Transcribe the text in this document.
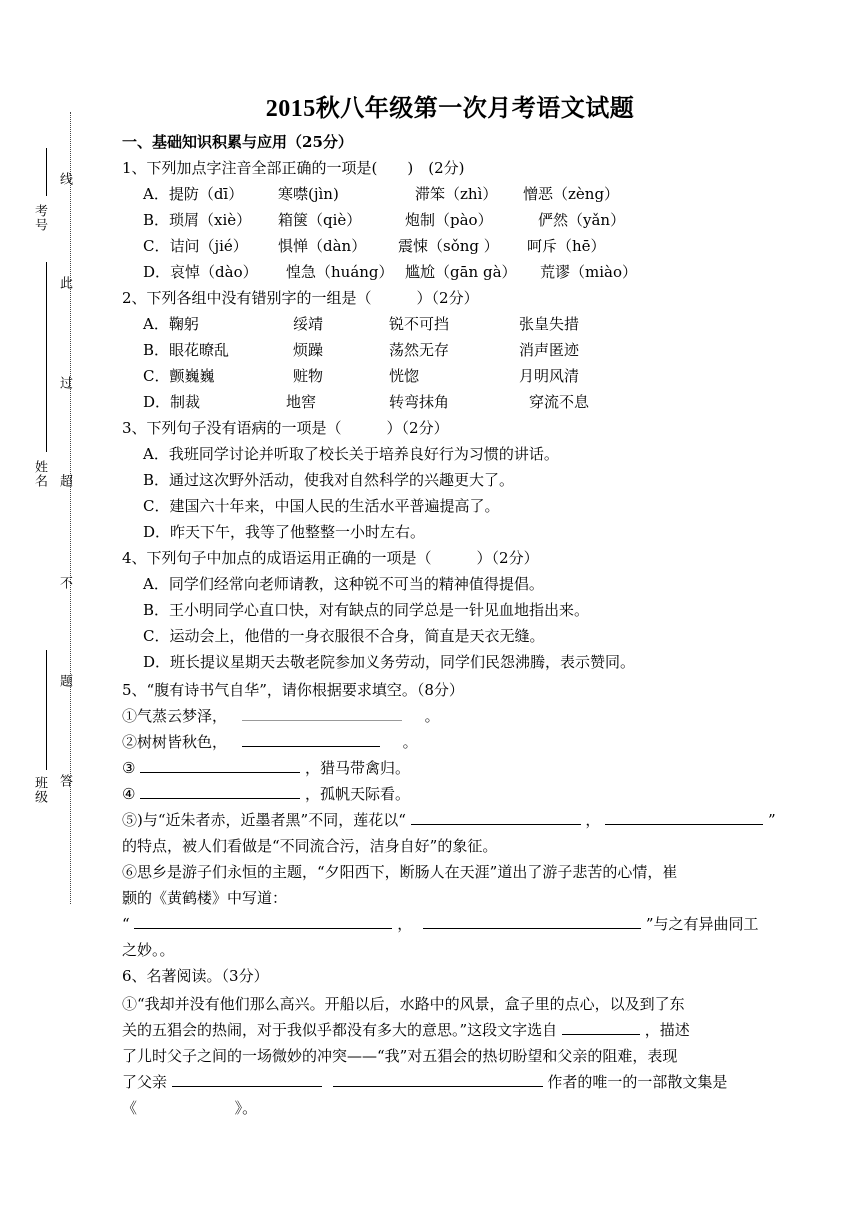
考号
姓名
班级
线
此
过
超
不
题
答
2015秋八年级第一次月考语文试题
一、基础知识积累与应用（25分）
1、下列加点字注音全部正确的一项是(　　)　(2分)
A．提防（dī） 寒噤(jìn)	滞笨（zhì） 憎恶（zèng）
B．琐屑（xiè） 箱箧（qiè）	炮制（pào）	俨然（yǎn）
C．诘问（jié） 惧惮（dàn） 震悚（sǒng ） 呵斥（hē）
D．哀悼（dào） 惶急（huáng） 尴尬（gān gà） 荒谬（miào）
2、下列各组中没有错别字的一组是（　　　）（2分）
A．鞠躬	绥靖	锐不可挡	张皇失措
B．眼花暸乱	烦躁	荡然无存	消声匿迹
C．颤巍巍	赃物	恍惚	月明风清
D．制裁	地窖	转弯抹角	穿流不息
3、下列句子没有语病的一项是（　　　）（2分）
A．我班同学讨论并听取了校长关于培养良好行为习惯的讲话。
B．通过这次野外活动，使我对自然科学的兴趣更大了。
C．建国六十年来，中国人民的生活水平普遍提高了。
D．昨天下午，我等了他整整一小时左右。
4、下列句子中加点的成语运用正确的一项是（　　　）（2分）
A．同学们经常向老师请教，这种锐不可当的精神值得提倡。
B．王小明同学心直口快，对有缺点的同学总是一针见血地指出来。
C．运动会上，他借的一身衣服很不合身，简直是天衣无缝。
D．班长提议星期天去敬老院参加义务劳动，同学们民怨沸腾，表示赞同。
5、“腹有诗书气自华”，请你根据要求填空。（8分）
①气蒸云梦泽，	。
②树树皆秋色，	。
③	，猎马带禽归。
④	，孤帆天际看。
⑤)与“近朱者赤，近墨者黑”不同，莲花以“	，	”
的特点，被人们看做是“不同流合污，洁身自好”的象征。
⑥思乡是游子们永恒的主题，“夕阳西下，断肠人在天涯”道出了游子悲苦的心情，崔
颢的《黄鹤楼》中写道：
“	，	”与之有异曲同工
之妙。。
6、名著阅读。（3分）
①“我却并没有他们那么高兴。开船以后，水路中的风景，盒子里的点心，以及到了东
关的五猖会的热闹，对于我似乎都没有多大的意思。”这段文字选自	，描述
了儿时父子之间的一场微妙的冲突——“我”对五猖会的热切盼望和父亲的阻难，表现
了父亲	作者的唯一的一部散文集是
《	》。
